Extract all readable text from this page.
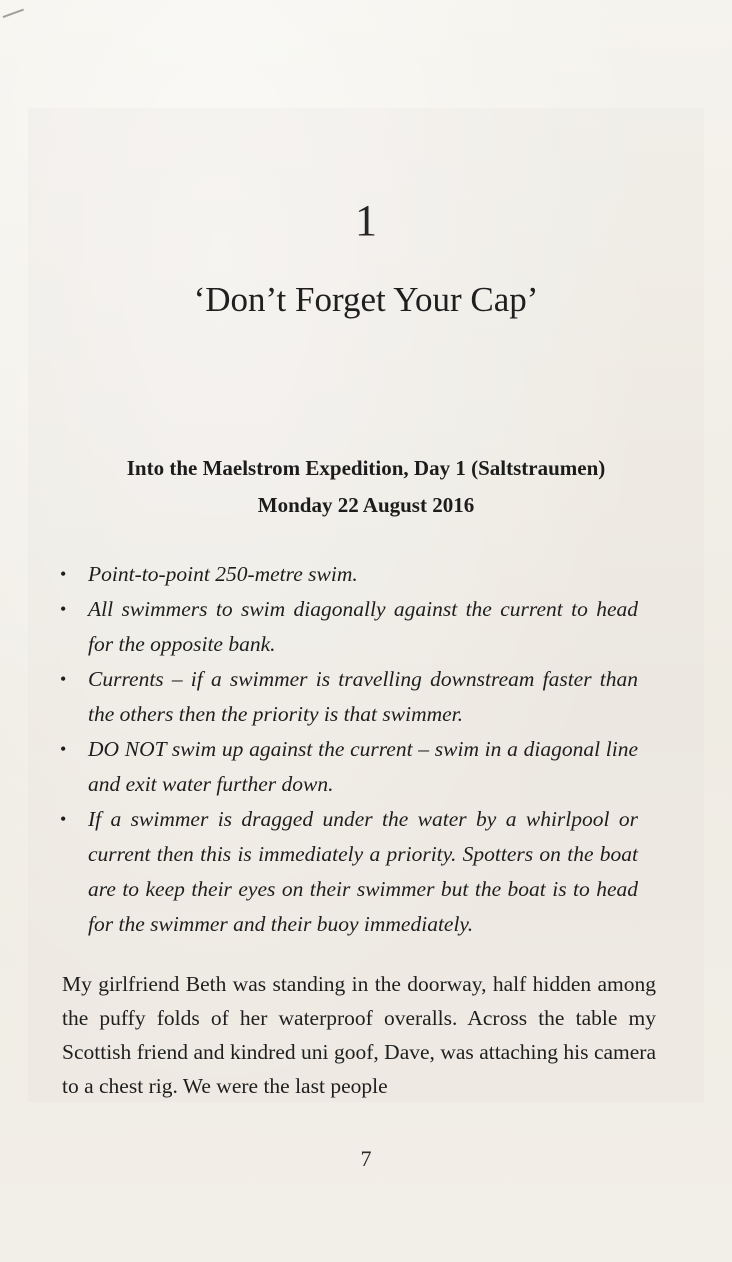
1
‘Don’t Forget Your Cap’
Into the Maelstrom Expedition, Day 1 (Saltstraumen)
Monday 22 August 2016
• Point-to-point 250-metre swim.
• All swimmers to swim diagonally against the current to head for the opposite bank.
• Currents – if a swimmer is travelling downstream faster than the others then the priority is that swimmer.
• DO NOT swim up against the current – swim in a diagonal line and exit water further down.
• If a swimmer is dragged under the water by a whirlpool or current then this is immediately a priority. Spotters on the boat are to keep their eyes on their swimmer but the boat is to head for the swimmer and their buoy immediately.

My girlfriend Beth was standing in the doorway, half hidden among the puffy folds of her waterproof overalls. Across the table my Scottish friend and kindred uni goof, Dave, was attaching his camera to a chest rig. We were the last people

7
